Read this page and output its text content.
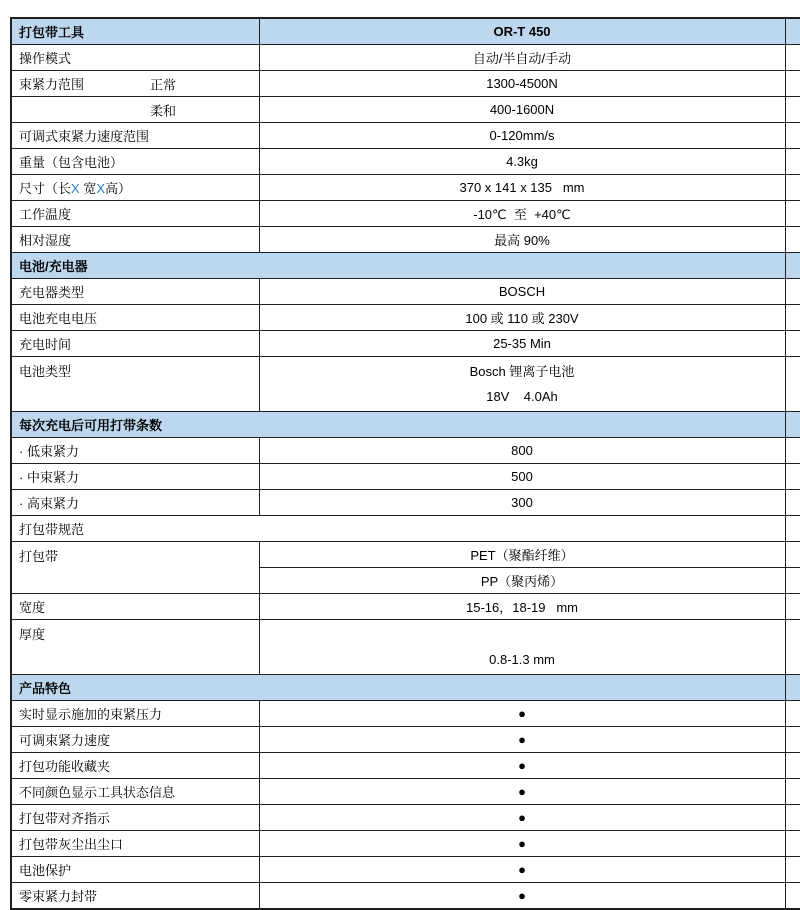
打包带工具	OR-T 450	
操作模式	自动/半自动/手动	
束紧力范围 正常	1300-4500N	

柔和	400-1600N	
可调式束紧力速度范围	0-120mm/s	
重量（包含电池）	4.3kg	
尺寸（长X 宽X高）	370 x 141 x 135   mm	
工作温度	-10℃  至  +40℃	
相对湿度	最高 90%	
电池/充电器		
充电器类型	BOSCH	
电池充电电压	100 或 110 或 230V	
充电时间	25-35 Min	
电池类型	Bosch 锂离子电池
18V    4.0Ah	

每次充电后可用打带条数		
· 低束紧力	800	
· 中束紧力	500	
· 高束紧力	300	
打包带规范		
打包带	PET（聚酯纤维）	
	PP（聚丙烯）	
宽度	15-16，18-19   mm	
厚度	0.8-1.3 mm	

产品特色		
实时显示施加的束紧压力	●	
可调束紧力速度	●	
打包功能收藏夹	●	
不同颜色显示工具状态信息	●	
打包带对齐指示	●	
打包带灰尘出尘口	●	
电池保护	●	
零束紧力封带	●	
